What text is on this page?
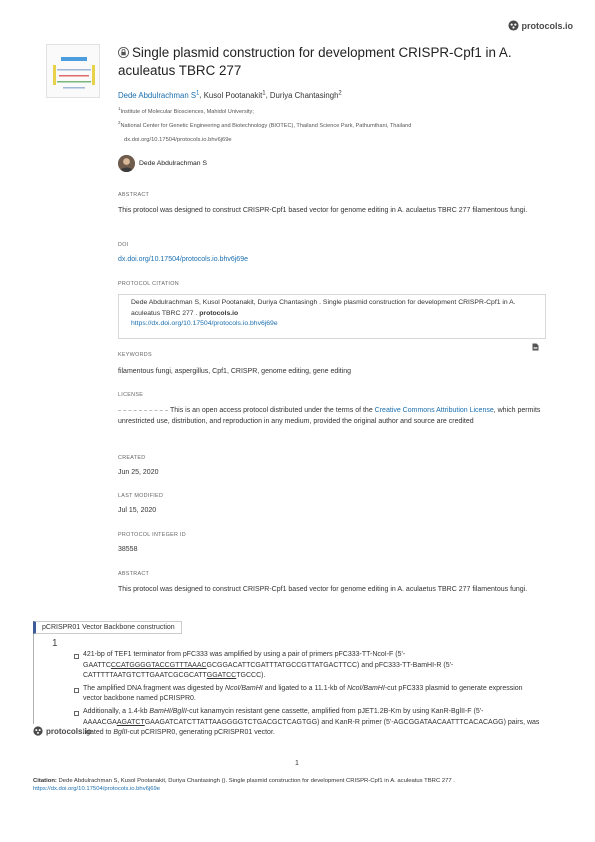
protocols.io
Single plasmid construction for development CRISPR-Cpf1 in A. aculeatus TBRC 277
Dede Abdulrachman S$^1$, Kusol Pootanakit$^1$, Duriya Chantasingh$^2$
$^1$Institute of Molecular Biosciences, Mahidol University;
$^2$National Center for Genetic Engineering and Biotechnology (BIOTEC), Thailand Science Park, Pathumthani, Thailand
dx.doi.org/10.17504/protocols.io.bhv6j69e
Dede Abdulrachman S
ABSTRACT
This protocol was designed to construct CRISPR-Cpf1 based vector for genome editing in A. aculaetus TBRC 277 filamentous fungi.
DOI
dx.doi.org/10.17504/protocols.io.bhv6j69e
PROTOCOL CITATION
Dede Abdulrachman S, Kusol Pootanakit, Duriya Chantasingh . Single plasmid construction for development CRISPR-Cpf1 in A. aculeatus TBRC 277 . protocols.io
https://dx.doi.org/10.17504/protocols.io.bhv6j69e
KEYWORDS
filamentous fungi, aspergillus, Cpf1, CRISPR, genome editing, gene editing
LICENSE
This is an open access protocol distributed under the terms of the Creative Commons Attribution License, which permits unrestricted use, distribution, and reproduction in any medium, provided the original author and source are credited
CREATED
Jun 25, 2020
LAST MODIFIED
Jul 15, 2020
PROTOCOL INTEGER ID
38558
ABSTRACT
This protocol was designed to construct CRISPR-Cpf1 based vector for genome editing in A. aculaetus TBRC 277 filamentous fungi.
pCRISPR01 Vector Backbone construction
1
421-bp of TEF1 terminator from pFC333 was amplified by using a pair of primers pFC333-TT-NcoI-F (5'-GAATTCCCATGGGGTACCGTTTAAACGCGGACATTCGATTTATGCCGTTATGACTTCC) and pFC333-TT-BamHI-R (5'-CATTTTTAATGTCTTGAATCGCGCATTGGATCCTGCCC).
The amplified DNA fragment was digested by NcoI/BamHI and ligated to a 11.1-kb of NcoI/BamHI-cut pFC333 plasmid to generate expression vector backbone named pCRISPR0.
Additionally, a 1.4-kb BamHI/BglII-cut kanamycin resistant gene cassette, amplified from pJET1.2B-Km by using KanR-BglII-F (5'-AAAACGAAGATCTGAAGATCATCTTATTAAGGGGTCTGACGCTCAGTGG) and KanR-R primer (5'-AGCGGATAACAATTTCACACAGG) pairs, was ligated to BglII-cut pCRISPR0, generating pCRISPR01 vector.
protocols.io
1
Citation: Dede Abdulrachman S, Kusol Pootanakit, Duriya Chantasingh (). Single plasmid construction for development CRISPR-Cpf1 in A. aculeatus TBRC 277 .
https://dx.doi.org/10.17504/protocols.io.bhv6j69e
